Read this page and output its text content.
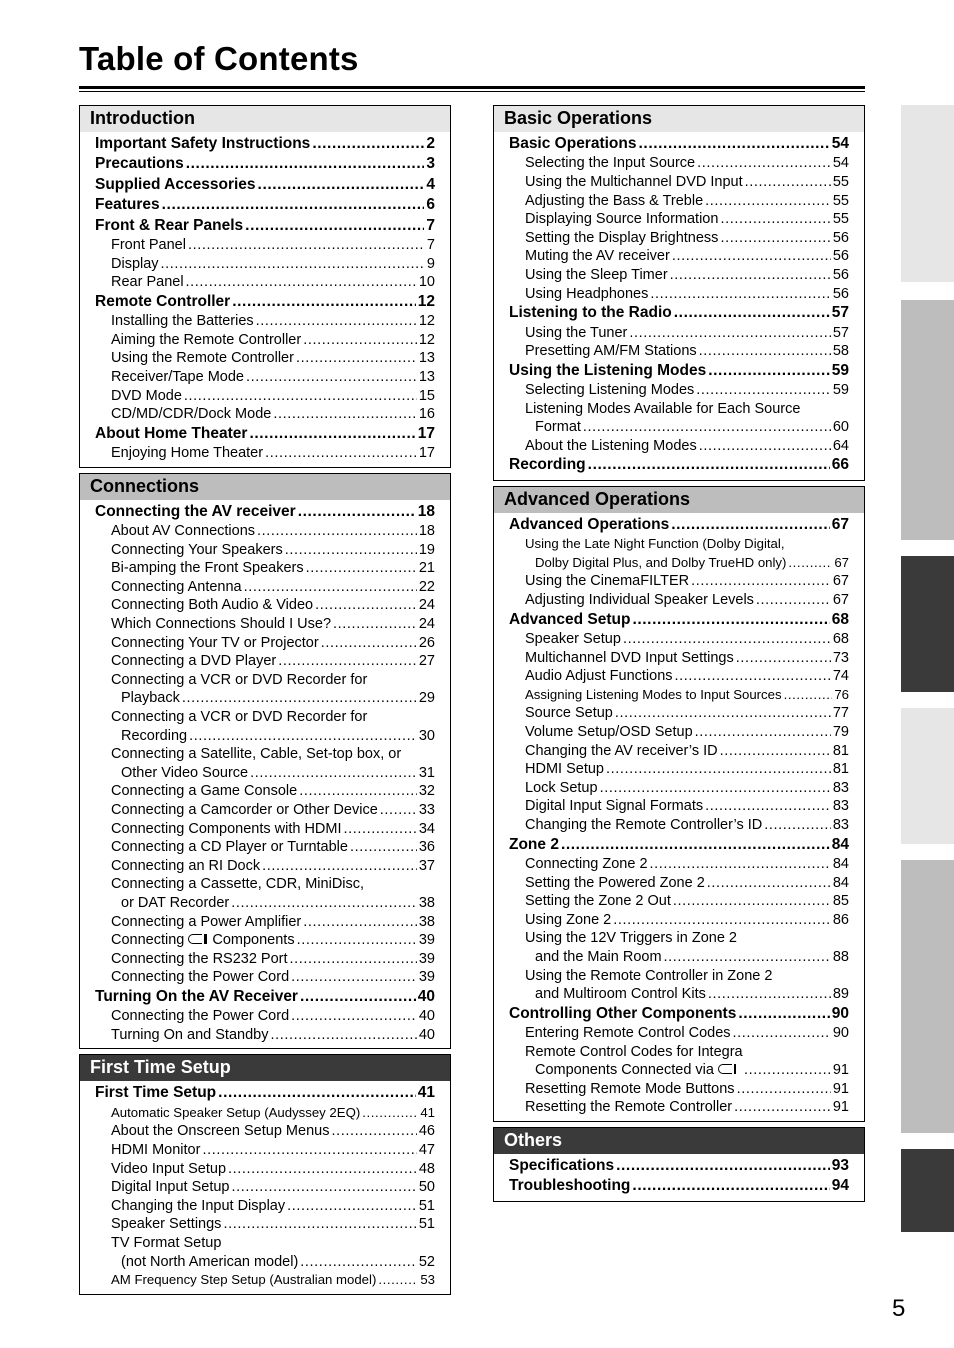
Table of Contents
Introduction
Important Safety Instructions .....	2
Precautions .....	3
Supplied Accessories .....	4
Features .....	6
Front & Rear Panels .....	7
Front Panel .....	7
Display .....	9
Rear Panel .....	10
Remote Controller .....	12
Installing the Batteries .....	12
Aiming the Remote Controller .....	12
Using the Remote Controller .....	13
Receiver/Tape Mode .....	13
DVD Mode .....	15
CD/MD/CDR/Dock Mode .....	16
About Home Theater .....	17
Enjoying Home Theater .....	17
Connections
Connecting the AV receiver .....	18
About AV Connections .....	18
Connecting Your Speakers .....	19
Bi-amping the Front Speakers .....	21
Connecting Antenna .....	22
Connecting Both Audio & Video .....	24
Which Connections Should I Use? .....	24
Connecting Your TV or Projector .....	26
Connecting a DVD Player .....	27
Connecting a VCR or DVD Recorder for
Playback .....	29
Connecting a VCR or DVD Recorder for
Recording .....	30
Connecting a Satellite, Cable, Set-top box, or
Other Video Source .....	31
Connecting a Game Console .....	32
Connecting a Camcorder or Other Device .....	33
Connecting Components with HDMI .....	34
Connecting a CD Player or Turntable .....	36
Connecting an RI Dock .....	37
Connecting a Cassette, CDR, MiniDisc,
or DAT Recorder .....	38
Connecting a Power Amplifier .....	38
Connecting Components .....	39
Connecting the RS232 Port .....	39
Connecting the Power Cord .....	39
Turning On the AV Receiver .....	40
Connecting the Power Cord .....	40
Turning On and Standby .....	40
First Time Setup
First Time Setup .....	41
Automatic Speaker Setup (Audyssey 2EQ) .....	41
About the Onscreen Setup Menus .....	46
HDMI Monitor .....	47
Video Input Setup .....	48
Digital Input Setup .....	50
Changing the Input Display .....	51
Speaker Settings .....	51
TV Format Setup
(not North American model) .....	52
AM Frequency Step Setup (Australian model) .....	53
Basic Operations
Basic Operations .....	54
Selecting the Input Source .....	54
Using the Multichannel DVD Input .....	55
Adjusting the Bass & Treble .....	55
Displaying Source Information .....	55
Setting the Display Brightness .....	56
Muting the AV receiver .....	56
Using the Sleep Timer .....	56
Using Headphones .....	56
Listening to the Radio .....	57
Using the Tuner .....	57
Presetting AM/FM Stations .....	58
Using the Listening Modes .....	59
Selecting Listening Modes .....	59
Listening Modes Available for Each Source
Format .....	60
About the Listening Modes .....	64
Recording .....	66
Advanced Operations
Advanced Operations .....	67
Using the Late Night Function (Dolby Digital,
Dolby Digital Plus, and Dolby TrueHD only) .....	67
Using the CinemaFILTER .....	67
Adjusting Individual Speaker Levels .....	67
Advanced Setup .....	68
Speaker Setup .....	68
Multichannel DVD Input Settings .....	73
Audio Adjust Functions .....	74
Assigning Listening Modes to Input Sources .....	76
Source Setup .....	77
Volume Setup/OSD Setup .....	79
Changing the AV receiver’s ID .....	81
HDMI Setup .....	81
Lock Setup .....	83
Digital Input Signal Formats .....	83
Changing the Remote Controller’s ID .....	83
Zone 2 .....	84
Connecting Zone 2 .....	84
Setting the Powered Zone 2 .....	84
Setting the Zone 2 Out .....	85
Using Zone 2 .....	86
Using the 12V Triggers in Zone 2
and the Main Room .....	88
Using the Remote Controller in Zone 2
and Multiroom Control Kits .....	89
Controlling Other Components .....	90
Entering Remote Control Codes .....	90
Remote Control Codes for Integra
Components Connected via .....	91
Resetting Remote Mode Buttons .....	91
Resetting the Remote Controller .....	91
Others
Specifications .....	93
Troubleshooting .....	94
5
